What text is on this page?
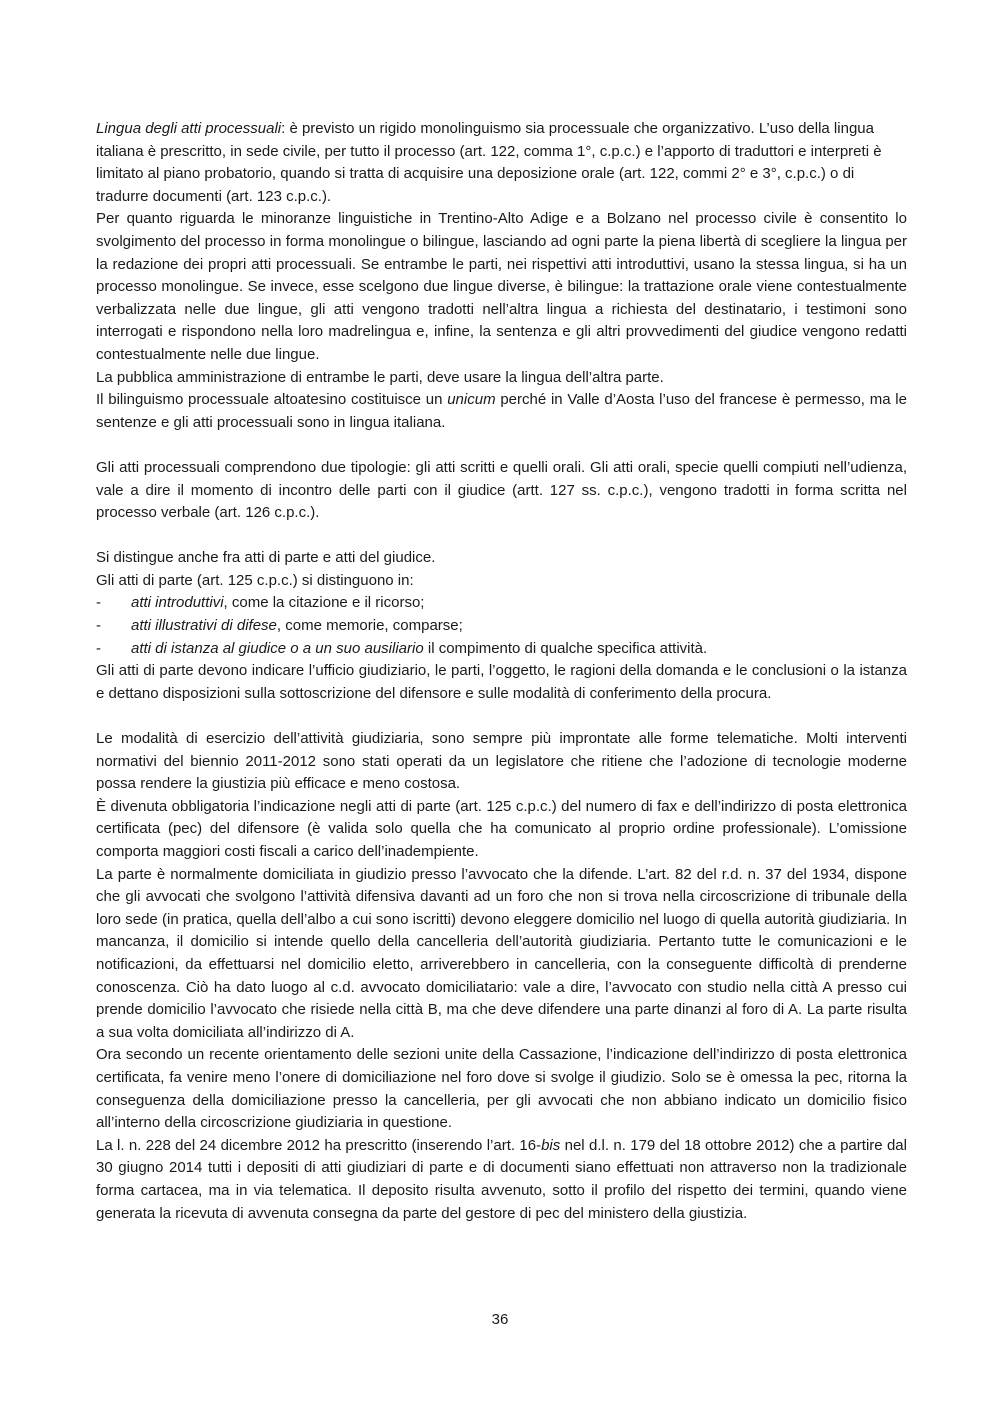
Lingua degli atti processuali: è previsto un rigido monolinguismo sia processuale che organizzativo. L’uso della lingua italiana è prescritto, in sede civile, per tutto il processo (art. 122, comma 1°, c.p.c.) e l’apporto di traduttori e interpreti è limitato al piano probatorio, quando si tratta di acquisire una deposizione orale (art. 122, commi 2° e 3°, c.p.c.) o di tradurre documenti (art. 123 c.p.c.).

Per quanto riguarda le minoranze linguistiche in Trentino-Alto Adige e a Bolzano nel processo civile è consentito lo svolgimento del processo in forma monolingue o bilingue, lasciando ad ogni parte la piena libertà di scegliere la lingua per la redazione dei propri atti processuali. Se entrambe le parti, nei rispettivi atti introduttivi, usano la stessa lingua, si ha un processo monolingue. Se invece, esse scelgono due lingue diverse, è bilingue: la trattazione orale viene contestualmente verbalizzata nelle due lingue, gli atti vengono tradotti nell’altra lingua a richiesta del destinatario, i testimoni sono interrogati e rispondono nella loro madrelingua e, infine, la sentenza e gli altri provvedimenti del giudice vengono redatti contestualmente nelle due lingue.

La pubblica amministrazione di entrambe le parti, deve usare la lingua dell’altra parte.

Il bilinguismo processuale altoatesino costituisce un unicum perché in Valle d’Aosta l’uso del francese è permesso, ma le sentenze e gli atti processuali sono in lingua italiana.

Gli atti processuali comprendono due tipologie: gli atti scritti e quelli orali. Gli atti orali, specie quelli compiuti nell’udienza, vale a dire il momento di incontro delle parti con il giudice (artt. 127 ss. c.p.c.), vengono tradotti in forma scritta nel processo verbale (art. 126 c.p.c.).

Si distingue anche fra atti di parte e atti del giudice.

Gli atti di parte (art. 125 c.p.c.) si distinguono in:

- atti introduttivi, come la citazione e il ricorso;
- atti illustrativi di difese, come memorie, comparse;
- atti di istanza al giudice o a un suo ausiliario il compimento di qualche specifica attività.

Gli atti di parte devono indicare l’ufficio giudiziario, le parti, l’oggetto, le ragioni della domanda e le conclusioni o la istanza e dettano disposizioni sulla sottoscrizione del difensore e sulle modalità di conferimento della procura.

Le modalità di esercizio dell’attività giudiziaria, sono sempre più improntate alle forme telematiche. Molti interventi normativi del biennio 2011-2012 sono stati operati da un legislatore che ritiene che l’adozione di tecnologie moderne possa rendere la giustizia più efficace e meno costosa.

È divenuta obbligatoria l’indicazione negli atti di parte (art. 125 c.p.c.) del numero di fax e dell’indirizzo di posta elettronica certificata (pec) del difensore (è valida solo quella che ha comunicato al proprio ordine professionale). L’omissione comporta maggiori costi fiscali a carico dell’inadempiente.

La parte è normalmente domiciliata in giudizio presso l’avvocato che la difende. L’art. 82 del r.d. n. 37 del 1934, dispone che gli avvocati che svolgono l’attività difensiva davanti ad un foro che non si trova nella circoscrizione di tribunale della loro sede (in pratica, quella dell’albo a cui sono iscritti) devono eleggere domicilio nel luogo di quella autorità giudiziaria. In mancanza, il domicilio si intende quello della cancelleria dell’autorità giudiziaria. Pertanto tutte le comunicazioni e le notificazioni, da effettuarsi nel domicilio eletto, arriverebbero in cancelleria, con la conseguente difficoltà di prenderne conoscenza. Ciò ha dato luogo al c.d. avvocato domiciliatario: vale a dire, l’avvocato con studio nella città A presso cui prende domicilio l’avvocato che risiede nella città B, ma che deve difendere una parte dinanzi al foro di A. La parte risulta a sua volta domiciliata all’indirizzo di A.

Ora secondo un recente orientamento delle sezioni unite della Cassazione, l’indicazione dell’indirizzo di posta elettronica certificata, fa venire meno l’onere di domiciliazione nel foro dove si svolge il giudizio. Solo se è omessa la pec, ritorna la conseguenza della domiciliazione presso la cancelleria, per gli avvocati che non abbiano indicato un domicilio fisico all’interno della circoscrizione giudiziaria in questione.

La l. n. 228 del 24 dicembre 2012 ha prescritto (inserendo l’art. 16-bis nel d.l. n. 179 del 18 ottobre 2012) che a partire dal 30 giugno 2014 tutti i depositi di atti giudiziari di parte e di documenti siano effettuati non attraverso non la tradizionale forma cartacea, ma in via telematica. Il deposito risulta avvenuto, sotto il profilo del rispetto dei termini, quando viene generata la ricevuta di avvenuta consegna da parte del gestore di pec del ministero della giustizia.

36
